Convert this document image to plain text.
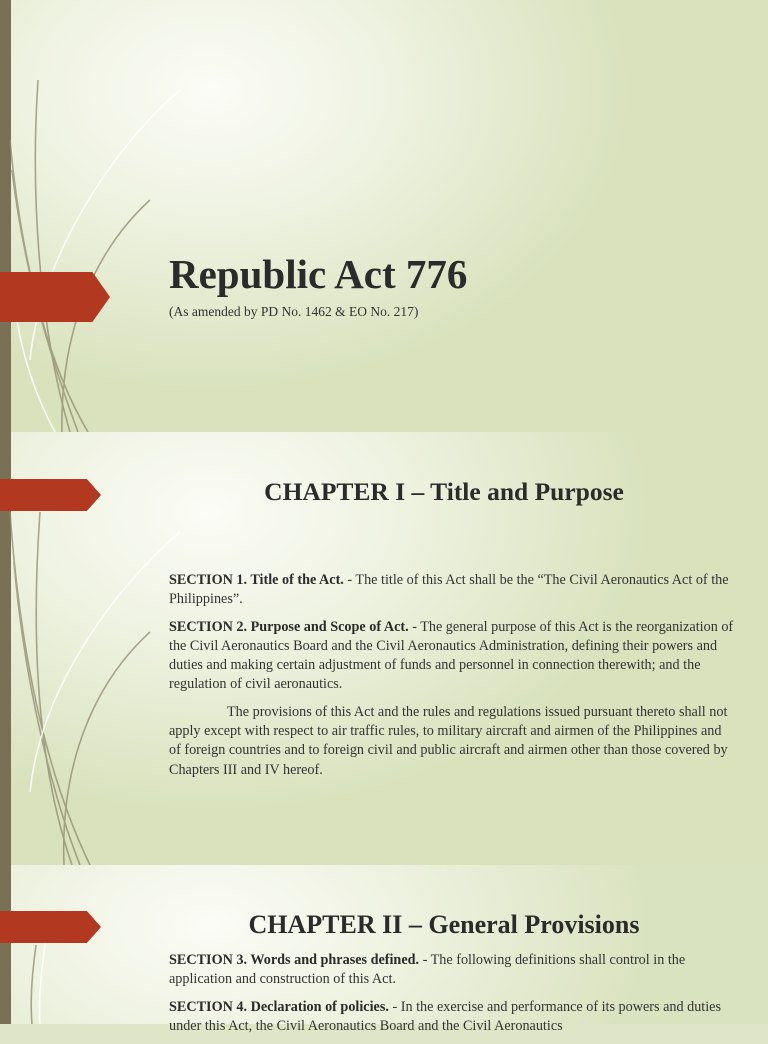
Republic Act 776
(As amended by PD No. 1462 & EO No. 217)
CHAPTER I – Title and Purpose

SECTION 1. Title of the Act. - The title of this Act shall be the “The Civil Aeronautics Act of the Philippines”.

SECTION 2. Purpose and Scope of Act. - The general purpose of this Act is the reorganization of the Civil Aeronautics Board and the Civil Aeronautics Administration, defining their powers and duties and making certain adjustment of funds and personnel in connection therewith; and the regulation of civil aeronautics.

The provisions of this Act and the rules and regulations issued pursuant thereto shall not apply except with respect to air traffic rules, to military aircraft and airmen of the Philippines and of foreign countries and to foreign civil and public aircraft and airmen other than those covered by Chapters III and IV hereof.

CHAPTER II – General Provisions

SECTION 3. Words and phrases defined. - The following definitions shall control in the application and construction of this Act.

SECTION 4. Declaration of policies. - In the exercise and performance of its powers and duties under this Act, the Civil Aeronautics Board and the Civil Aeronautics
